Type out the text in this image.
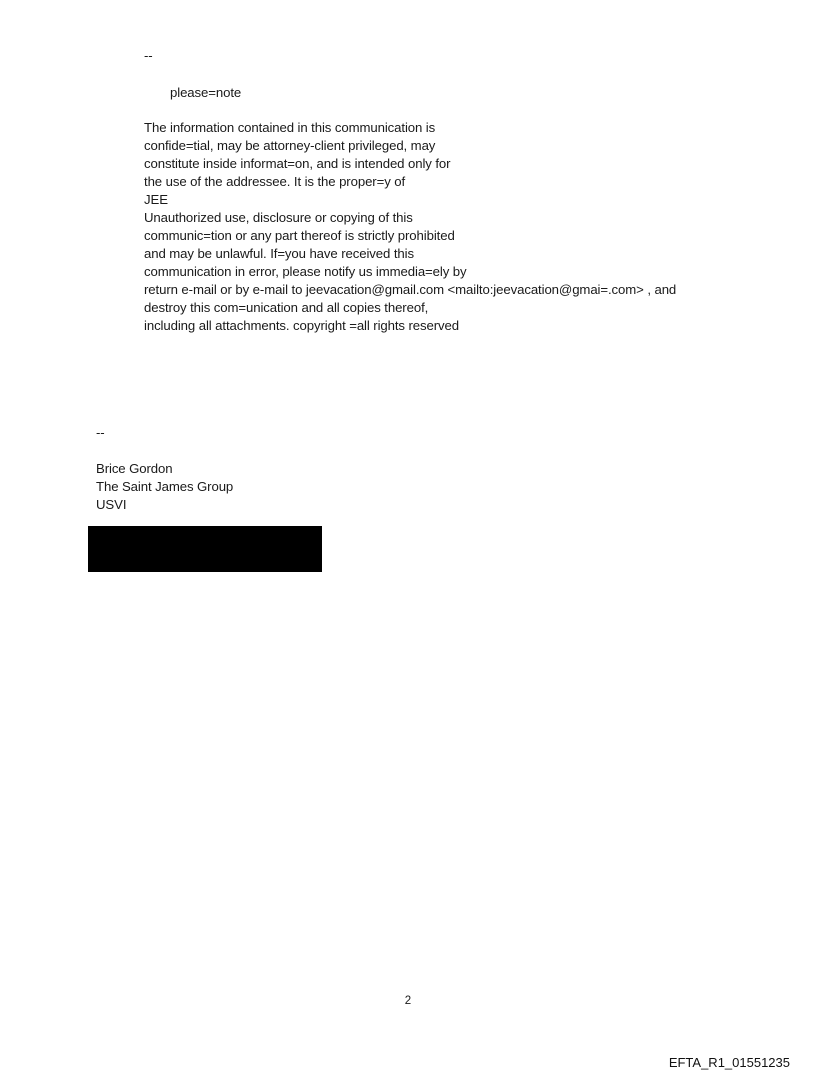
--
please=note
The information contained in this communication is
confide=tial, may be attorney-client privileged, may
constitute inside informat=on, and is intended only for
the use of the addressee. It is the proper=y of
JEE
Unauthorized use, disclosure or copying of this
communic=tion or any part thereof is strictly prohibited
and may be unlawful. If=you have received this
communication in error, please notify us immedia=ely by
return e-mail or by e-mail to jeevacation@gmail.com <mailto:jeevacation@gmai=.com> , and
destroy this com=unication and all copies thereof,
including all attachments. copyright =all rights reserved
--
Brice Gordon
The Saint James Group
USVI
2
EFTA_R1_01551235
